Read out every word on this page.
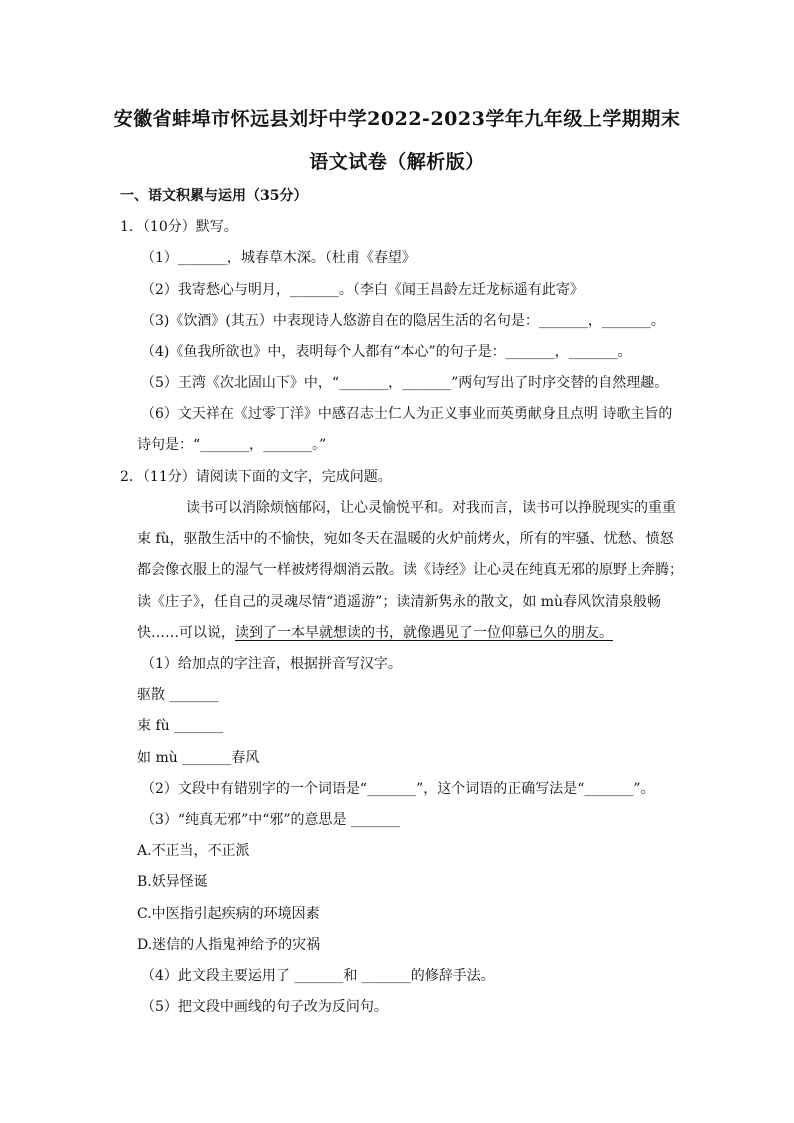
安徽省蚌埠市怀远县刘圩中学2022-2023学年九年级上学期期末
语文试卷（解析版）
一、语文积累与运用（35分）
1．（10分）默写。
（1）_______，城春草木深。（杜甫《春望》
（2）我寄愁心与明月，_______。（李白《闻王昌龄左迁龙标遥有此寄》
（3)《饮酒》(其五）中表现诗人悠游自在的隐居生活的名句是：_______，_______。
（4)《鱼我所欲也》中，表明每个人都有“本心”的句子是：_______，_______。
（5）王湾《次北固山下》中，“_______，_______”两句写出了时序交替的自然理趣。
（6）文天祥在《过零丁洋》中感召志士仁人为正义事业而英勇献身且点明 诗歌主旨的
诗句是：“_______，_______。”
2．（11分）请阅读下面的文字，完成问题。
读书可以消除烦恼郁闷，让心灵愉悦平和。对我而言，读书可以挣脱现实的重重
束 fù，驱散生活中的不愉快，宛如冬天在温暖的火炉前烤火，所有的牢骚、忧愁、愤怒
都会像衣服上的湿气一样被烤得烟消云散。读《诗经》让心灵在纯真无邪的原野上奔腾；
读《庄子》，任自己的灵魂尽情“逍遥游”；读清新隽永的散文，如 mù春风饮清泉般畅
快……可以说，读到了一本早就想读的书，就像遇见了一位仰慕已久的朋友。
（1）给加点的字注音，根据拼音写汉字。
驱散 _______
束 fù _______
如 mù _______春风
（2）文段中有错别字的一个词语是“_______”，这个词语的正确写法是“_______”。
（3）“纯真无邪”中“邪”的意思是 _______
A.不正当，不正派
B.妖异怪诞
C.中医指引起疾病的环境因素
D.迷信的人指鬼神给予的灾祸
（4）此文段主要运用了 _______和 _______的修辞手法。
（5）把文段中画线的句子改为反问句。
